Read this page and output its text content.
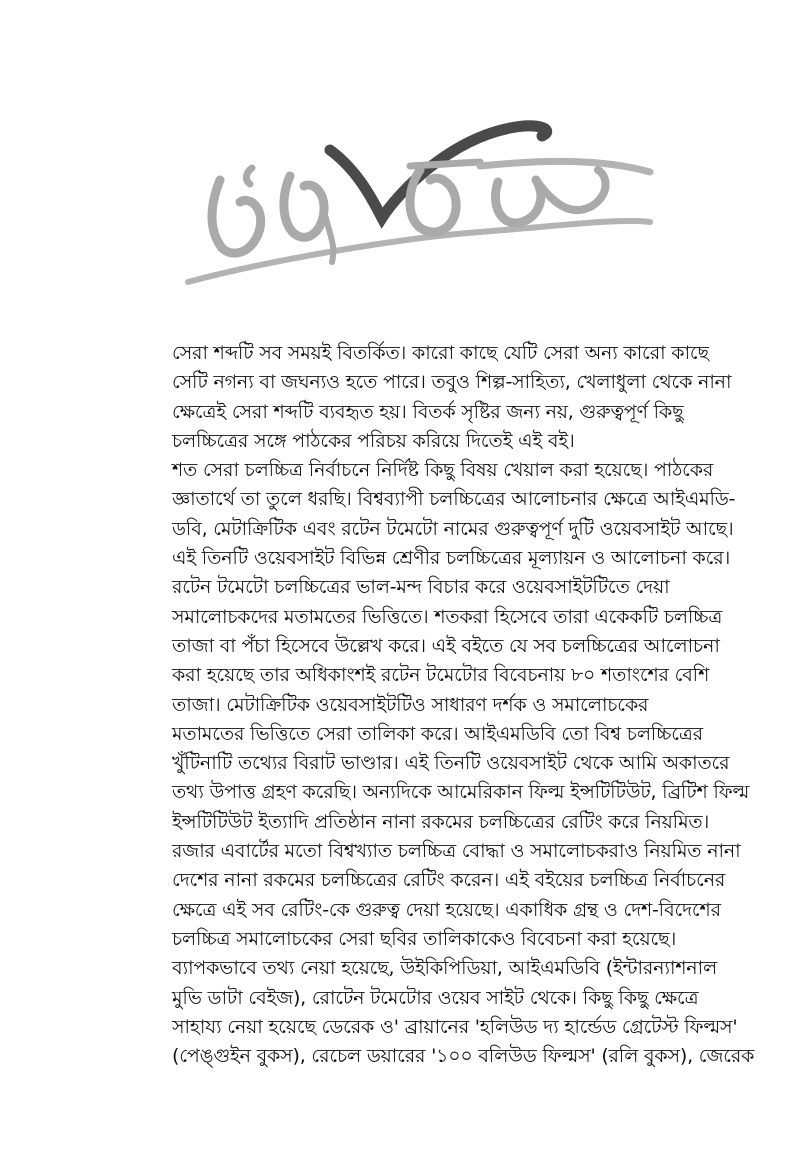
সেরা শব্দটি সব সময়ই বিতর্কিত। কারো কাছে যেটি সেরা অন্য কারো কাছে
সেটি নগন্য বা জঘন্যও হতে পারে। তবুও শিল্প-সাহিত্য, খেলাধুলা থেকে নানা
ক্ষেত্রেই সেরা শব্দটি ব্যবহৃত হয়। বিতর্ক সৃষ্টির জন্য নয়, গুরুত্বপূর্ণ কিছু
চলচ্চিত্রের সঙ্গে পাঠকের পরিচয় করিয়ে দিতেই এই বই।
শত সেরা চলচ্চিত্র নির্বাচনে নির্দিষ্ট কিছু বিষয় খেয়াল করা হয়েছে। পাঠকের
জ্ঞাতার্থে তা তুলে ধরছি। বিশ্বব্যাপী চলচ্চিত্রের আলোচনার ক্ষেত্রে আইএমডি-
ডবি, মেটাক্রিটিক এবং রটেন টমেটো নামের গুরুত্বপূর্ণ দুটি ওয়েবসাইট আছে।
এই তিনটি ওয়েবসাইট বিভিন্ন শ্রেণীর চলচ্চিত্রের মূল্যায়ন ও আলোচনা করে।
রটেন টমেটো চলচ্চিত্রের ভাল-মন্দ বিচার করে ওয়েবসাইটটিতে দেয়া
সমালোচকদের মতামতের ভিত্তিতে। শতকরা হিসেবে তারা একেকটি চলচ্চিত্র
তাজা বা পঁচা হিসেবে উল্লেখ করে। এই বইতে যে সব চলচ্চিত্রের আলোচনা
করা হয়েছে তার অধিকাংশই রটেন টমেটোর বিবেচনায় ৮০ শতাংশের বেশি
তাজা। মেটাক্রিটিক ওয়েবসাইটটিও সাধারণ দর্শক ও সমালোচকের
মতামতের ভিত্তিতে সেরা তালিকা করে। আইএমডিবি তো বিশ্ব চলচ্চিত্রের
খুঁটিনাটি তথ্যের বিরাট ভাণ্ডার। এই তিনটি ওয়েবসাইট থেকে আমি অকাতরে
তথ্য উপাত্ত গ্রহণ করেছি। অন্যদিকে আমেরিকান ফিল্ম ইন্সটিটিউট, ব্রিটিশ ফিল্ম
ইন্সটিটিউট ইত্যাদি প্রতিষ্ঠান নানা রকমের চলচ্চিত্রের রেটিং করে নিয়মিত।
রজার এবার্টের মতো বিশ্বখ্যাত চলচ্চিত্র বোদ্ধা ও সমালোচকরাও নিয়মিত নানা
দেশের নানা রকমের চলচ্চিত্রের রেটিং করেন। এই বইয়ের চলচ্চিত্র নির্বাচনের
ক্ষেত্রে এই সব রেটিং-কে গুরুত্ব দেয়া হয়েছে। একাধিক গ্রন্থ ও দেশ-বিদেশের
চলচ্চিত্র সমালোচকের সেরা ছবির তালিকাকেও বিবেচনা করা হয়েছে।
ব্যাপকভাবে তথ্য নেয়া হয়েছে, উইকিপিডিয়া, আইএমডিবি (ইন্টারন্যাশনাল
মুভি ডাটা বেইজ), রোটেন টমেটোর ওয়েব সাইট থেকে। কিছু কিছু ক্ষেত্রে
সাহায্য নেয়া হয়েছে ডেরেক ও' ব্রায়ানের 'হলিউড দ্য হার্ন্ডেড গ্রেটেস্ট ফিল্মস'
(পেঙ্গুইন বুকস), রেচেল ডয়ারের '১০০ বলিউড ফিল্মস' (রলি বুকস), জেরেক
